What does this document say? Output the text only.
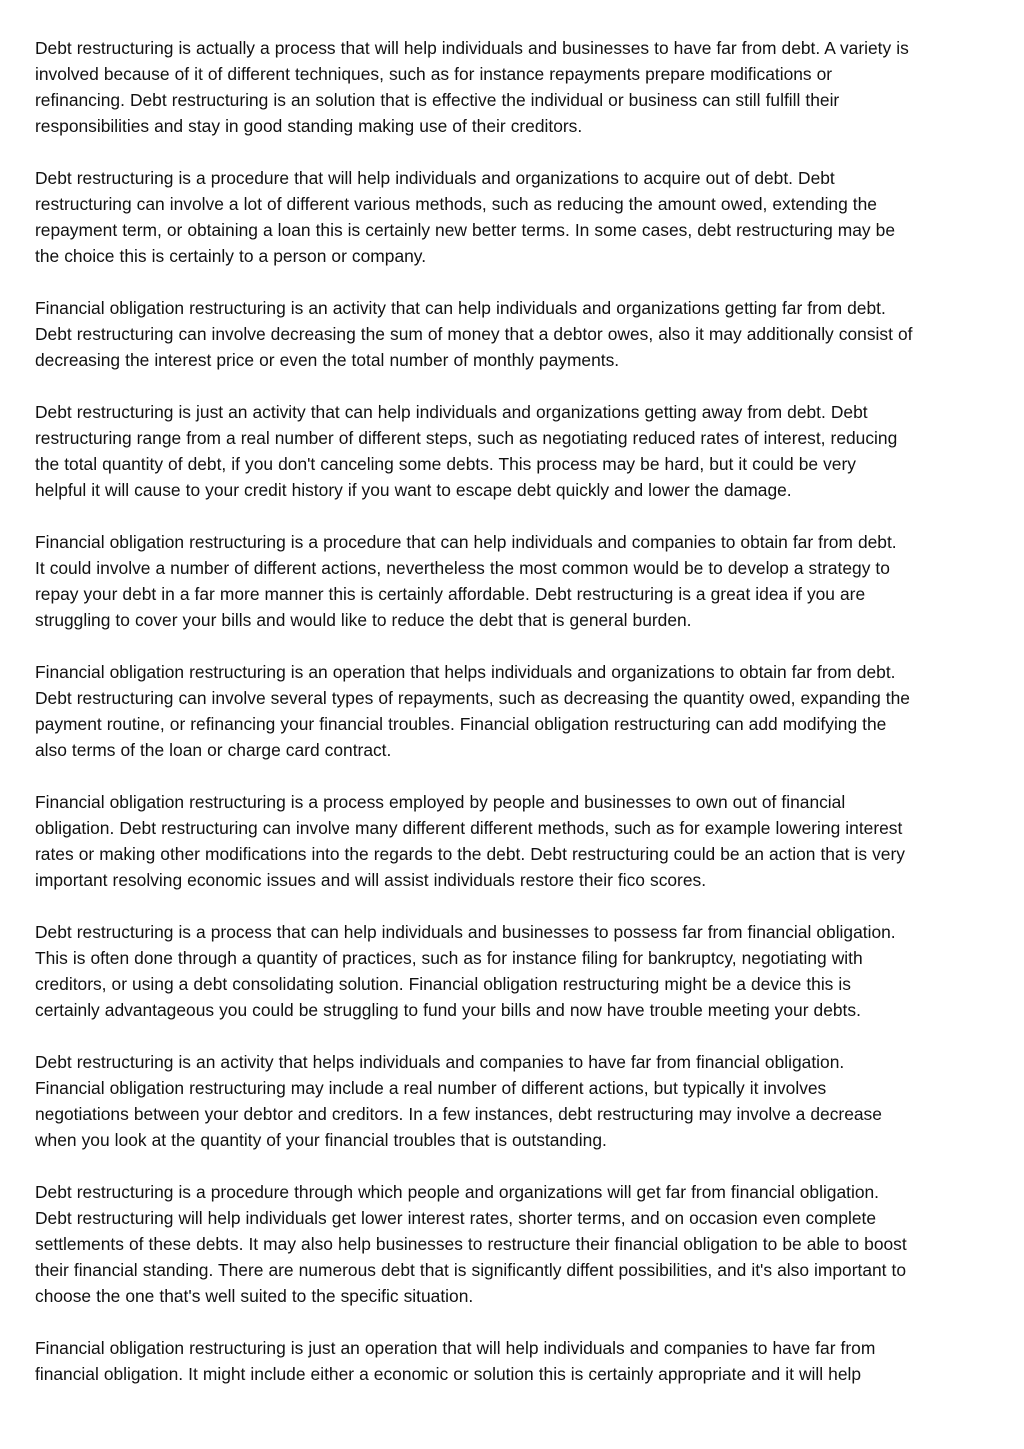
Debt restructuring is actually a process that will help individuals and businesses to have far from debt. A variety is
involved because of it of different techniques, such as for instance repayments prepare modifications or
refinancing. Debt restructuring is an solution that is effective the individual or business can still fulfill their
responsibilities and stay in good standing making use of their creditors.

Debt restructuring is a procedure that will help individuals and organizations to acquire out of debt. Debt
restructuring can involve a lot of different various methods, such as reducing the amount owed, extending the
repayment term, or obtaining a loan this is certainly new better terms. In some cases, debt restructuring may be
the choice this is certainly to a person or company.

Financial obligation restructuring is an activity that can help individuals and organizations getting far from debt.
Debt restructuring can involve decreasing the sum of money that a debtor owes, also it may additionally consist of
decreasing the interest price or even the total number of monthly payments.

Debt restructuring is just an activity that can help individuals and organizations getting away from debt. Debt
restructuring range from a real number of different steps, such as negotiating reduced rates of interest, reducing
the total quantity of debt, if you don't canceling some debts. This process may be hard, but it could be very
helpful it will cause to your credit history if you want to escape debt quickly and lower the damage.

Financial obligation restructuring is a procedure that can help individuals and companies to obtain far from debt.
It could involve a number of different actions, nevertheless the most common would be to develop a strategy to
repay your debt in a far more manner this is certainly affordable. Debt restructuring is a great idea if you are
struggling to cover your bills and would like to reduce the debt that is general burden.

Financial obligation restructuring is an operation that helps individuals and organizations to obtain far from debt.
Debt restructuring can involve several types of repayments, such as decreasing the quantity owed, expanding the
payment routine, or refinancing your financial troubles. Financial obligation restructuring can add modifying the
also terms of the loan or charge card contract.

Financial obligation restructuring is a process employed by people and businesses to own out of financial
obligation. Debt restructuring can involve many different different methods, such as for example lowering interest
rates or making other modifications into the regards to the debt. Debt restructuring could be an action that is very
important resolving economic issues and will assist individuals restore their fico scores.

Debt restructuring is a process that can help individuals and businesses to possess far from financial obligation.
This is often done through a quantity of practices, such as for instance filing for bankruptcy, negotiating with
creditors, or using a debt consolidating solution. Financial obligation restructuring might be a device this is
certainly advantageous you could be struggling to fund your bills and now have trouble meeting your debts.

Debt restructuring is an activity that helps individuals and companies to have far from financial obligation.
Financial obligation restructuring may include a real number of different actions, but typically it involves
negotiations between your debtor and creditors. In a few instances, debt restructuring may involve a decrease
when you look at the quantity of your financial troubles that is outstanding.

Debt restructuring is a procedure through which people and organizations will get far from financial obligation.
Debt restructuring will help individuals get lower interest rates, shorter terms, and on occasion even complete
settlements of these debts. It may also help businesses to restructure their financial obligation to be able to boost
their financial standing. There are numerous debt that is significantly diffent possibilities, and it's also important to
choose the one that's well suited to the specific situation.

Financial obligation restructuring is just an operation that will help individuals and companies to have far from
financial obligation. It might include either a economic or solution this is certainly appropriate and it will help
